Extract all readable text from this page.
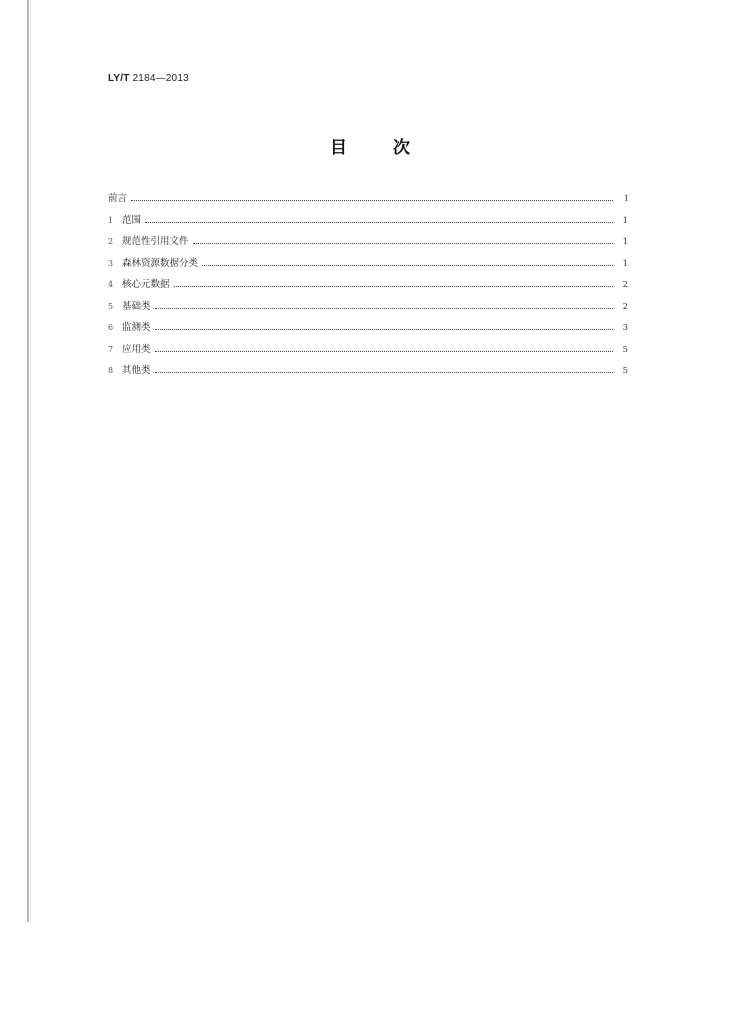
LY/T 2184—2013
目	次
前言	I
1 范围	1
2 规范性引用文件	1
3 森林资源数据分类	1
4 核心元数据	2
5 基础类	2
6 监测类	3
7 应用类	5
8 其他类	5
